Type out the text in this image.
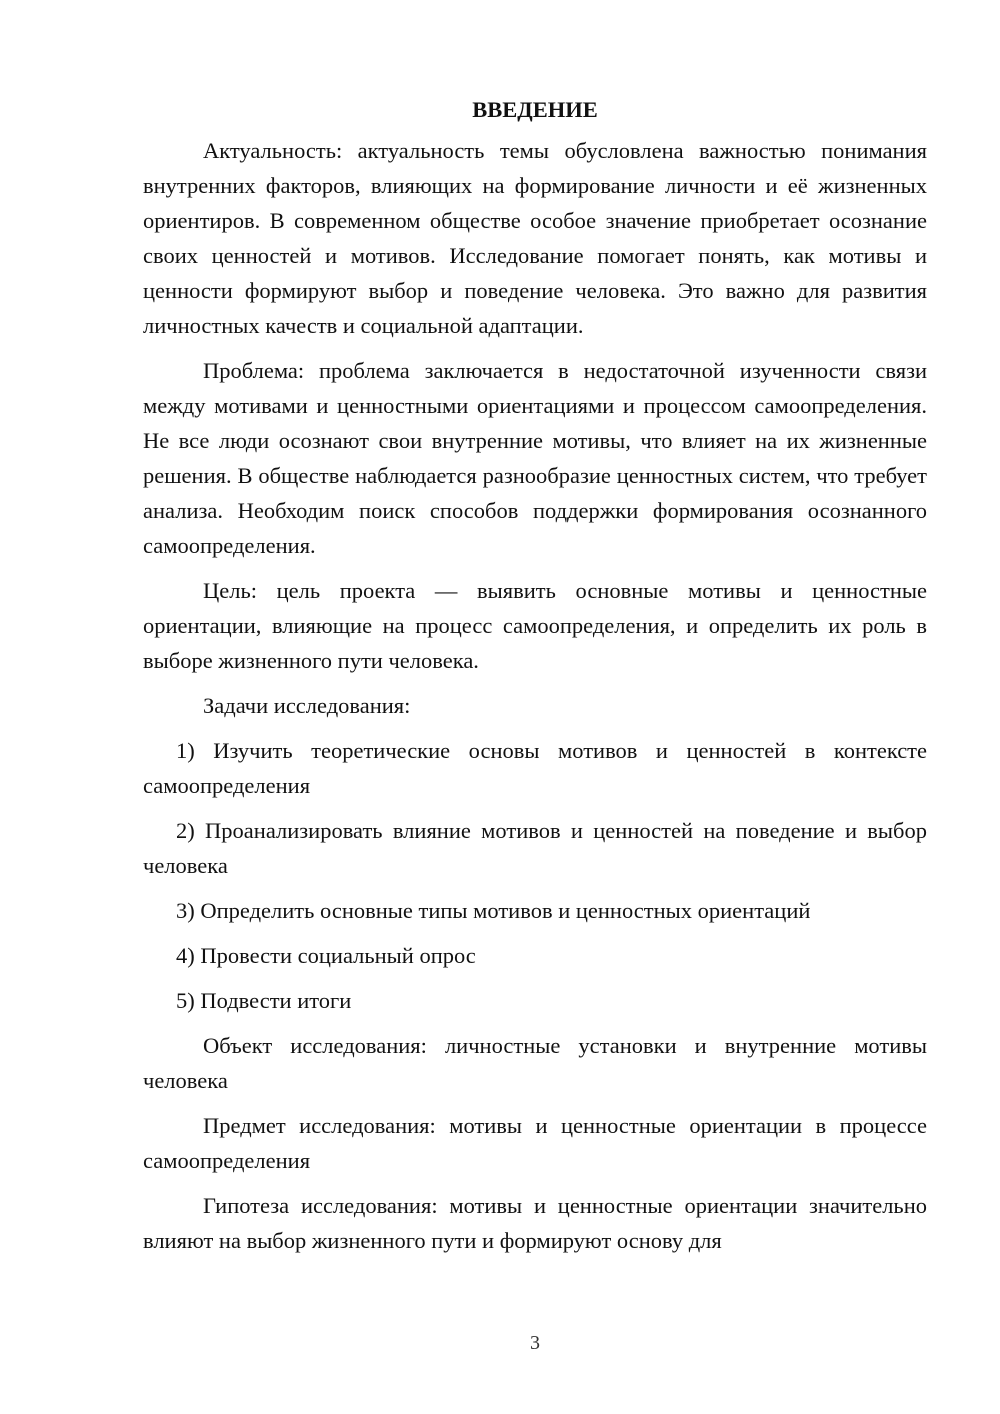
ВВЕДЕНИЕ

Актуальность: актуальность темы обусловлена важностью понимания внутренних факторов, влияющих на формирование личности и её жизненных ориентиров. В современном обществе особое значение приобретает осознание своих ценностей и мотивов. Исследование помогает понять, как мотивы и ценности формируют выбор и поведение человека. Это важно для развития личностных качеств и социальной адаптации.

Проблема: проблема заключается в недостаточной изученности связи между мотивами и ценностными ориентациями и процессом самоопределения. Не все люди осознают свои внутренние мотивы, что влияет на их жизненные решения. В обществе наблюдается разнообразие ценностных систем, что требует анализа. Необходим поиск способов поддержки формирования осознанного самоопределения.

Цель: цель проекта — выявить основные мотивы и ценностные ориентации, влияющие на процесс самоопределения, и определить их роль в выборе жизненного пути человека.

Задачи исследования:

1) Изучить теоретические основы мотивов и ценностей в контексте самоопределения

2) Проанализировать влияние мотивов и ценностей на поведение и выбор человека

3) Определить основные типы мотивов и ценностных ориентаций

4) Провести социальный опрос

5) Подвести итоги

Объект исследования: личностные установки и внутренние мотивы человека

Предмет исследования: мотивы и ценностные ориентации в процессе самоопределения

Гипотеза исследования: мотивы и ценностные ориентации значительно влияют на выбор жизненного пути и формируют основу для

3
